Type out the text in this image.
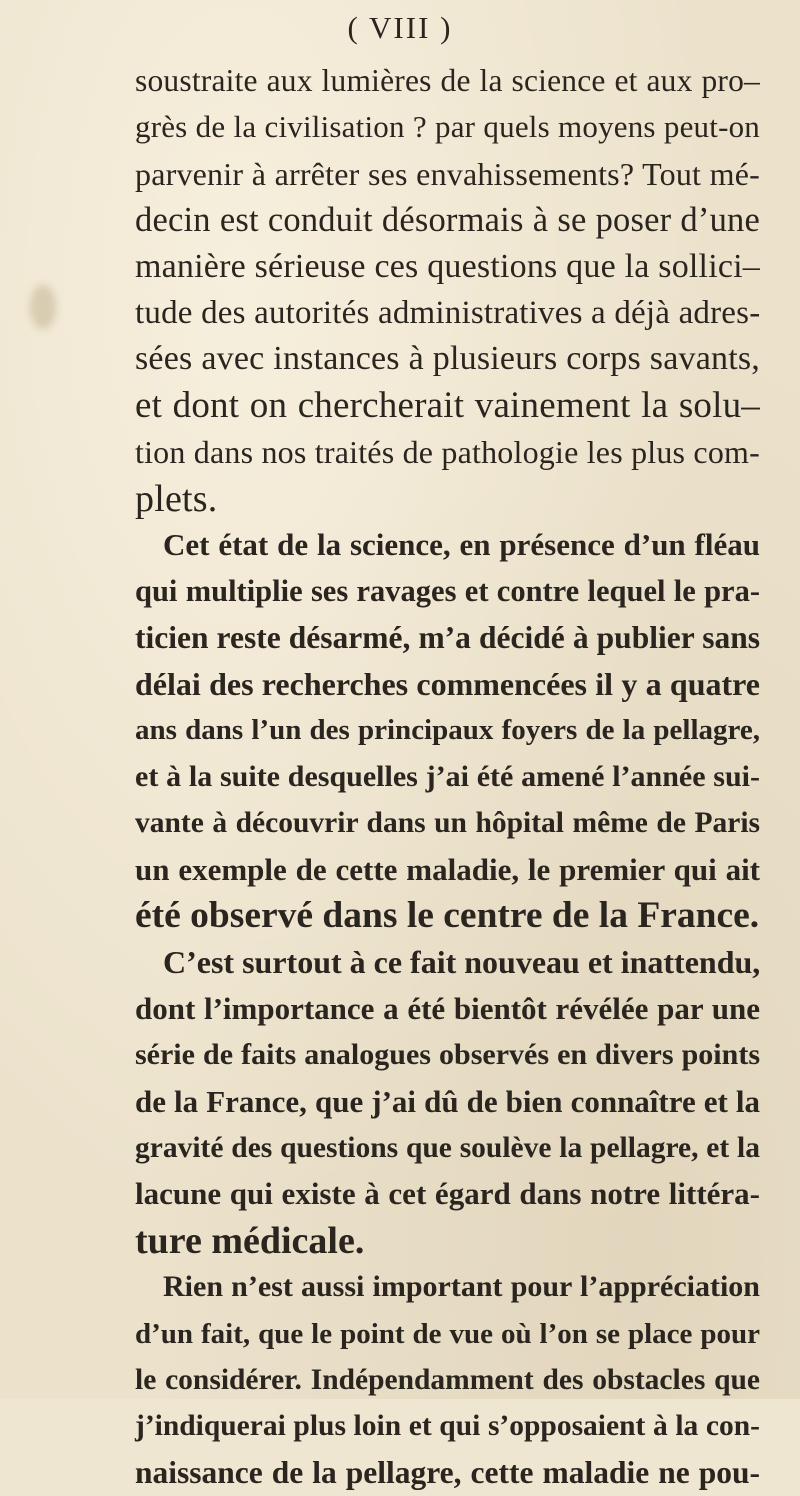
( VIII )
soustraite aux lumières de la science et aux pro–
grès de la civilisation ? par quels moyens peut-on
parvenir à arrêter ses envahissements? Tout mé-
decin est conduit désormais à se poser d’une
manière sérieuse ces questions que la sollici–
tude des autorités administratives a déjà adres-
sées avec instances à plusieurs corps savants,
et dont on chercherait vainement la solu–
tion dans nos traités de pathologie les plus com-
plets.
Cet état de la science, en présence d’un fléau
qui multiplie ses ravages et contre lequel le pra-
ticien reste désarmé, m’a décidé à publier sans
délai des recherches commencées il y a quatre
ans dans l’un des principaux foyers de la pellagre,
et à la suite desquelles j’ai été amené l’année sui-
vante à découvrir dans un hôpital même de Paris
un exemple de cette maladie, le premier qui ait
été observé dans le centre de la France.
C’est surtout à ce fait nouveau et inattendu,
dont l’importance a été bientôt révélée par une
série de faits analogues observés en divers points
de la France, que j’ai dû de bien connaître et la
gravité des questions que soulève la pellagre, et la
lacune qui existe à cet égard dans notre littéra-
ture médicale.
Rien n’est aussi important pour l’appréciation
d’un fait, que le point de vue où l’on se place pour
le considérer. Indépendamment des obstacles que
j’indiquerai plus loin et qui s’opposaient à la con-
naissance de la pellagre, cette maladie ne pou-
